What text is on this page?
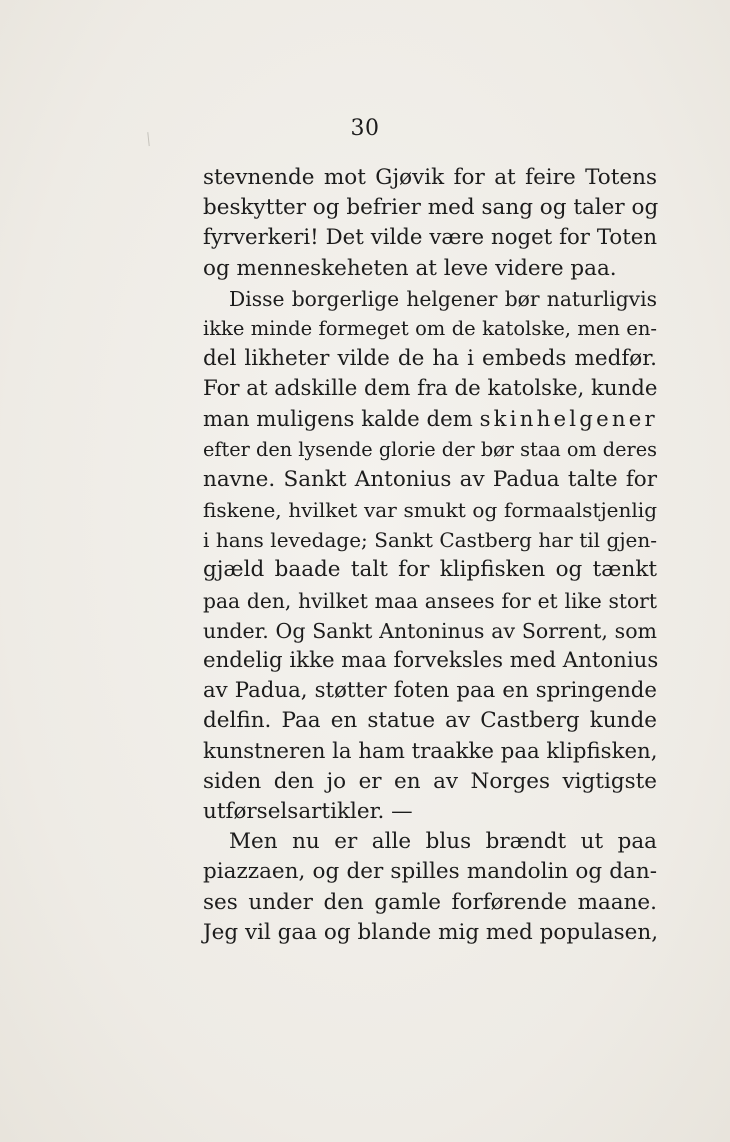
30
stevnende mot Gjøvik for at feire Totens
beskytter og befrier med sang og taler og
fyrverkeri! Det vilde være noget for Toten
og menneskeheten at leve videre paa.
Disse borgerlige helgener bør naturligvis
ikke minde formeget om de katolske, men en-
del likheter vilde de ha i embeds medfør.
For at adskille dem fra de katolske, kunde
man muligens kalde dem skinhelgener
efter den lysende glorie der bør staa om deres
navne. Sankt Antonius av Padua talte for
fiskene, hvilket var smukt og formaalstjenlig
i hans levedage; Sankt Castberg har til gjen-
gjæld baade talt for klipfisken og tænkt
paa den, hvilket maa ansees for et like stort
under. Og Sankt Antoninus av Sorrent, som
endelig ikke maa forveksles med Antonius
av Padua, støtter foten paa en springende
delfin. Paa en statue av Castberg kunde
kunstneren la ham traakke paa klipfisken,
siden den jo er en av Norges vigtigste
utførselsartikler. —
Men nu er alle blus brændt ut paa
piazzaen, og der spilles mandolin og dan-
ses under den gamle forførende maane.
Jeg vil gaa og blande mig med populasen,
